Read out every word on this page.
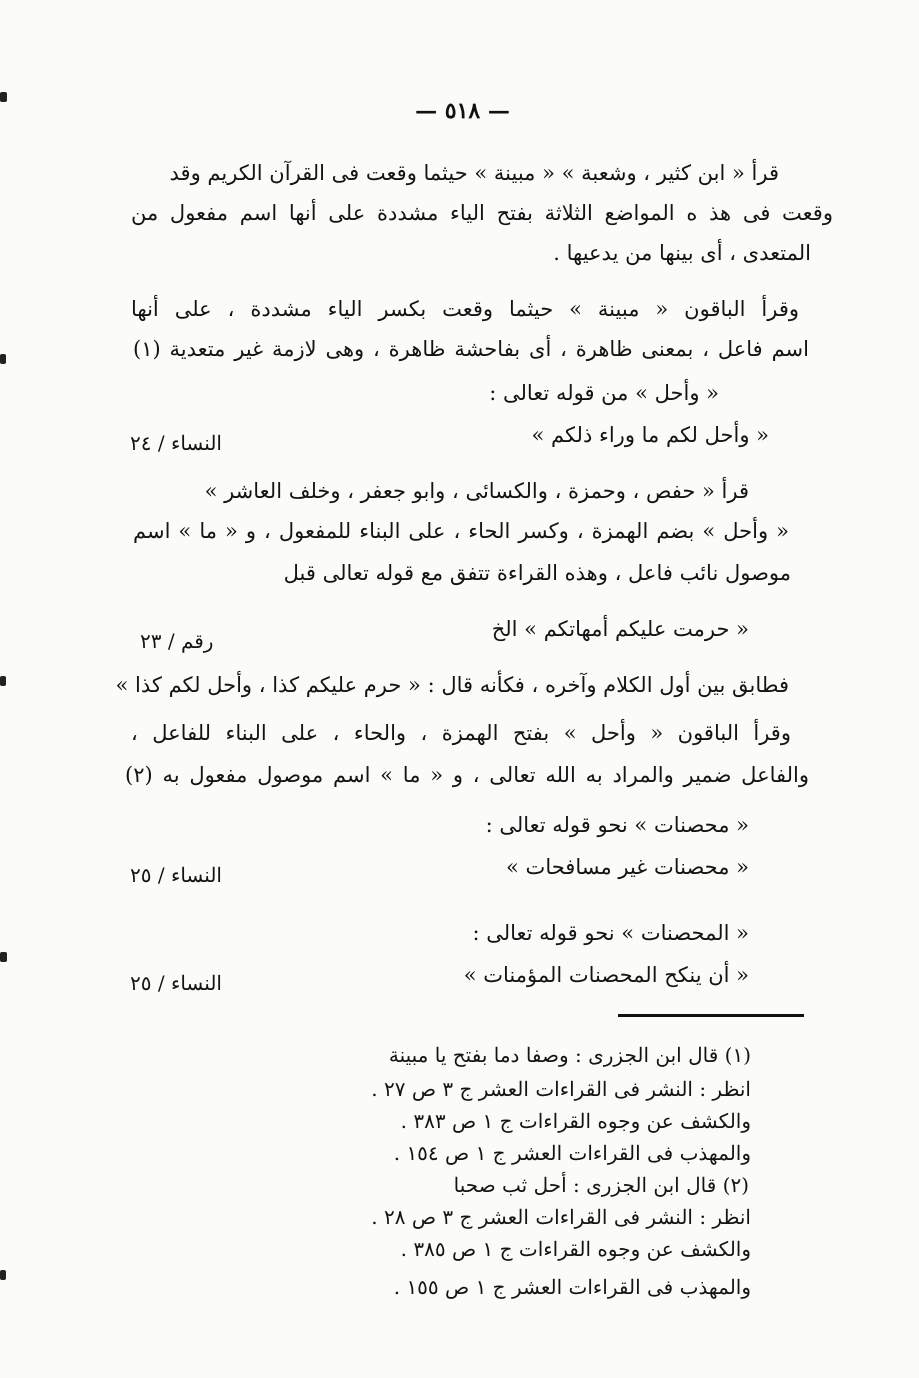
— ٥١٨ —
قرأ « ابن كثير ، وشعبة » « مبينة » حيثما وقعت فى القرآن الكريم وقد
وقعت فى هذ ه المواضع الثلاثة بفتح الياء مشددة على أنها اسم مفعول من
المتعدى ، أى بينها من يدعيها .
وقرأ الباقون « مبينة » حيثما وقعت بكسر الياء مشددة ، على أنها
اسم فاعل ، بمعنى ظاهرة ، أى بفاحشة ظاهرة ، وهى لازمة غير متعدية (١)
« وأحل » من قوله تعالى :
« وأحل لكم ما وراء ذلكم »
النساء / ٢٤
قرأ « حفص ، وحمزة ، والكسائى ، وابو جعفر ، وخلف العاشر »
« وأحل » بضم الهمزة ، وكسر الحاء ، على البناء للمفعول ، و « ما » اسم
موصول نائب فاعل ، وهذه القراءة تتفق مع قوله تعالى قبل
« حرمت عليكم أمهاتكم » الخ
رقم / ٢٣
فطابق بين أول الكلام وآخره ، فكأنه قال : « حرم عليكم كذا ، وأحل لكم كذا »
وقرأ الباقون « وأحل » بفتح الهمزة ، والحاء ، على البناء للفاعل ،
والفاعل ضمير والمراد به الله تعالى ، و « ما » اسم موصول مفعول به (٢)
« محصنات » نحو قوله تعالى :
« محصنات غير مسافحات »
النساء / ٢٥
« المحصنات » نحو قوله تعالى :
« أن ينكح المحصنات المؤمنات »
النساء / ٢٥
(١) قال ابن الجزرى : وصفا دما بفتح يا مبينة
انظر : النشر فى القراءات العشر ج ٣ ص ٢٧ .
والكشف عن وجوه القراءات ج ١ ص ٣٨٣ .
والمهذب فى القراءات العشر ج ١ ص ١٥٤ .
(٢) قال ابن الجزرى : أحل ثب صحبا
انظر : النشر فى القراءات العشر ج ٣ ص ٢٨ .
والكشف عن وجوه القراءات ج ١ ص ٣٨٥ .
والمهذب فى القراءات العشر ج ١ ص ١٥٥ .
